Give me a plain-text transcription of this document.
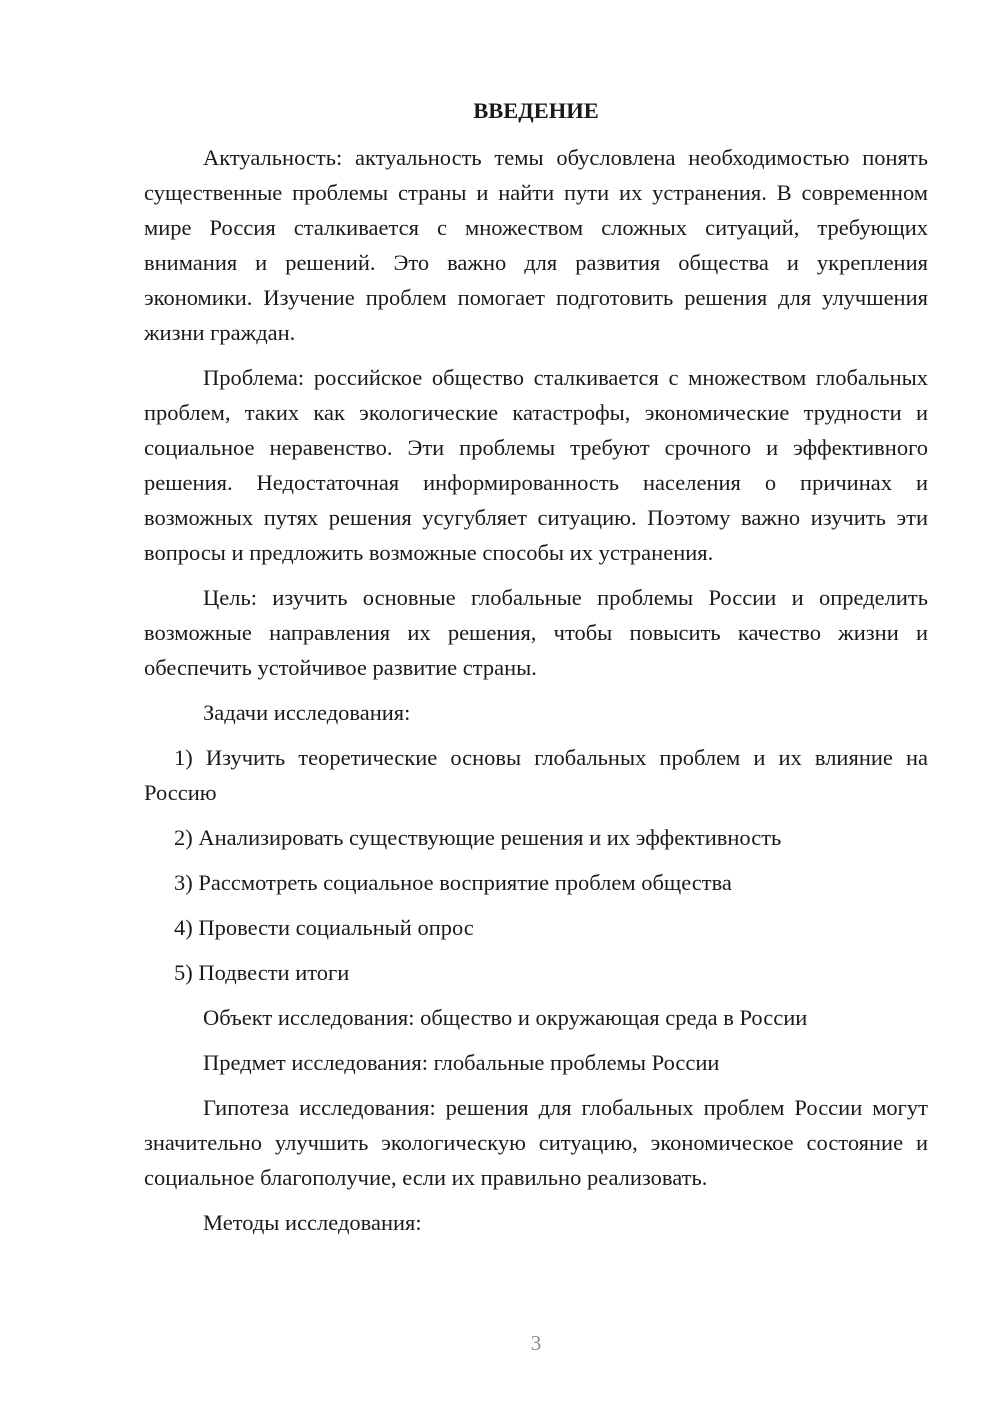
ВВЕДЕНИЕ

Актуальность: актуальность темы обусловлена необходимостью понять существенные проблемы страны и найти пути их устранения. В современном мире Россия сталкивается с множеством сложных ситуаций, требующих внимания и решений. Это важно для развития общества и укрепления экономики. Изучение проблем помогает подготовить решения для улучшения жизни граждан.

Проблема: российское общество сталкивается с множеством глобальных проблем, таких как экологические катастрофы, экономические трудности и социальное неравенство. Эти проблемы требуют срочного и эффективного решения. Недостаточная информированность населения о причинах и возможных путях решения усугубляет ситуацию. Поэтому важно изучить эти вопросы и предложить возможные способы их устранения.

Цель: изучить основные глобальные проблемы России и определить возможные направления их решения, чтобы повысить качество жизни и обеспечить устойчивое развитие страны.

Задачи исследования:

1) Изучить теоретические основы глобальных проблем и их влияние на Россию

2) Анализировать существующие решения и их эффективность

3) Рассмотреть социальное восприятие проблем общества

4) Провести социальный опрос

5) Подвести итоги

Объект исследования: общество и окружающая среда в России

Предмет исследования: глобальные проблемы России

Гипотеза исследования: решения для глобальных проблем России могут значительно улучшить экологическую ситуацию, экономическое состояние и социальное благополучие, если их правильно реализовать.

Методы исследования:

3
